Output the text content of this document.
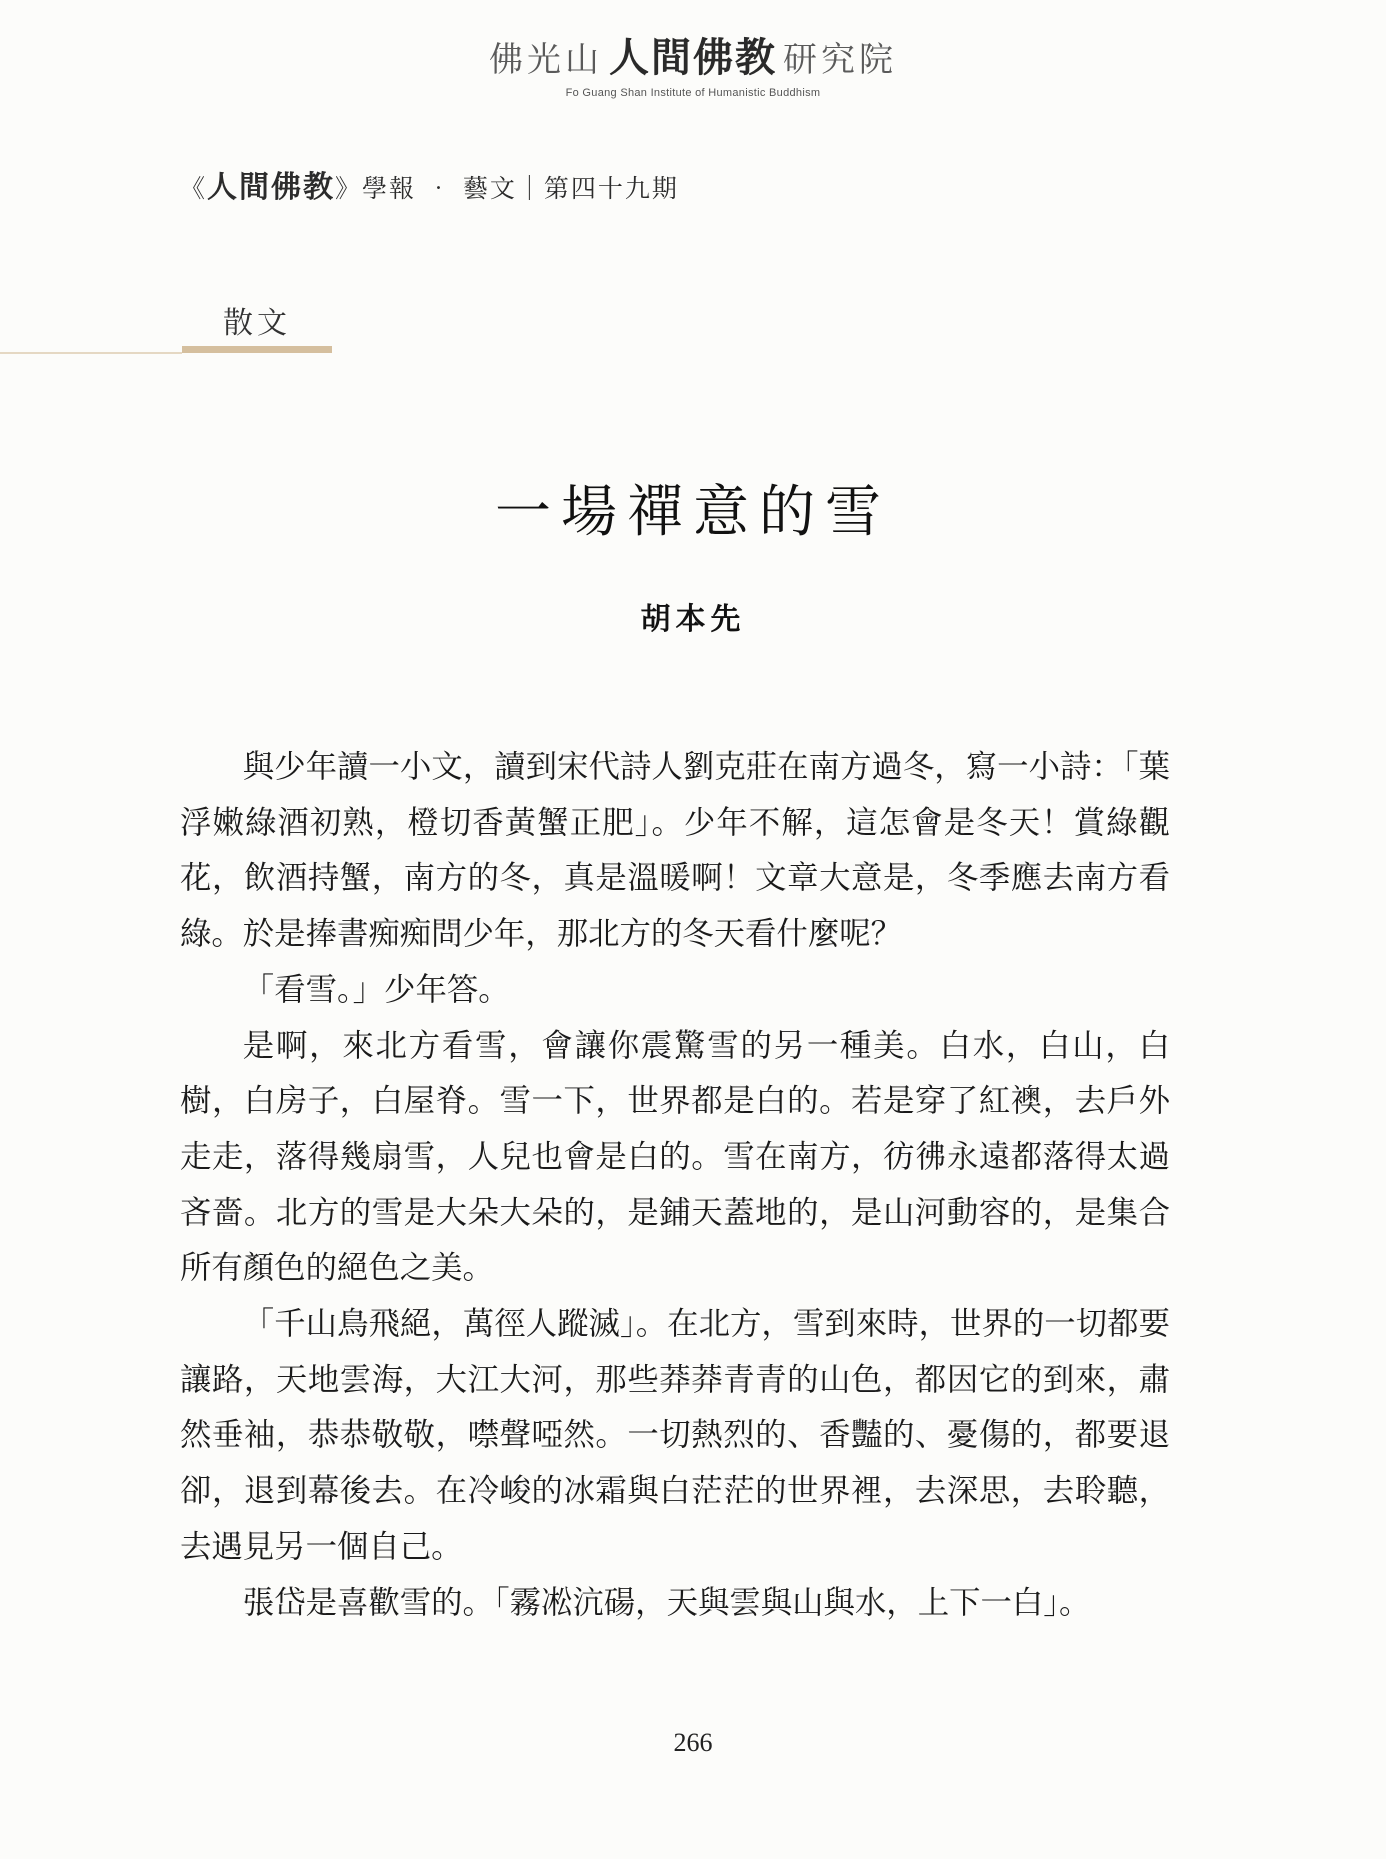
佛光山 人間佛教 研究院
Fo Guang Shan Institute of Humanistic Buddhism
《人間佛教》學報 ‧ 藝文｜第四十九期
散文
一場禪意的雪
胡本先

與少年讀一小文，讀到宋代詩人劉克莊在南方過冬，寫一小詩：「葉浮嫩綠酒初熟，橙切香黃蟹正肥」。少年不解，這怎會是冬天！賞綠觀花，飲酒持蟹，南方的冬，真是溫暖啊！文章大意是，冬季應去南方看綠。於是捧書痴痴問少年，那北方的冬天看什麼呢？

「看雪。」少年答。

是啊，來北方看雪，會讓你震驚雪的另一種美。白水，白山，白樹，白房子，白屋脊。雪一下，世界都是白的。若是穿了紅襖，去戶外走走，落得幾扇雪，人兒也會是白的。雪在南方，彷彿永遠都落得太過吝嗇。北方的雪是大朵大朵的，是鋪天蓋地的，是山河動容的，是集合所有顏色的絕色之美。

「千山鳥飛絕，萬徑人蹤滅」。在北方，雪到來時，世界的一切都要讓路，天地雲海，大江大河，那些莽莽青青的山色，都因它的到來，肅然垂袖，恭恭敬敬，噤聲啞然。一切熱烈的、香豔的、憂傷的，都要退卻，退到幕後去。在冷峻的冰霜與白茫茫的世界裡，去深思，去聆聽，去遇見另一個自己。

張岱是喜歡雪的。「霧凇沆碭，天與雲與山與水，上下一白」。

266
